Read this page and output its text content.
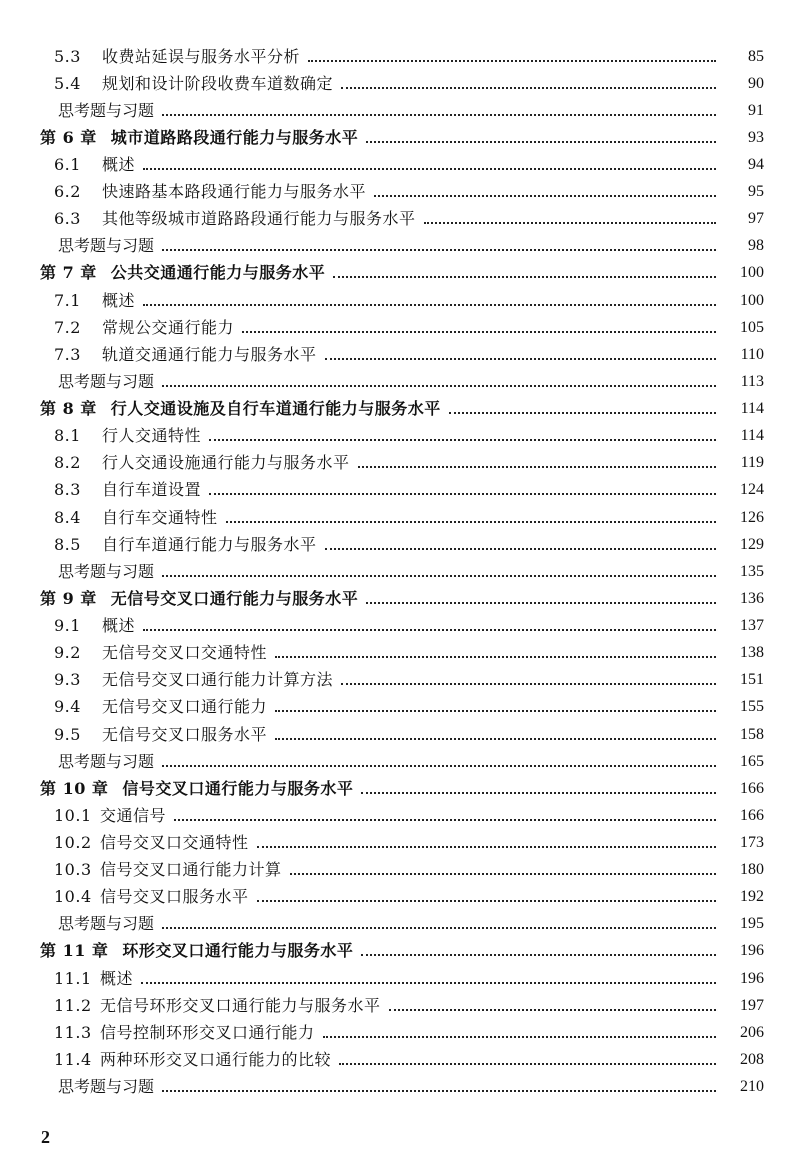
5.3 收费站延误与服务水平分析	85
5.4 规划和设计阶段收费车道数确定	90
思考题与习题	91
第 6 章 城市道路路段通行能力与服务水平	93
6.1 概述	94
6.2 快速路基本路段通行能力与服务水平	95
6.3 其他等级城市道路路段通行能力与服务水平	97
思考题与习题	98
第 7 章 公共交通通行能力与服务水平	100
7.1 概述	100
7.2 常规公交通行能力	105
7.3 轨道交通通行能力与服务水平	110
思考题与习题	113
第 8 章 行人交通设施及自行车道通行能力与服务水平	114
8.1 行人交通特性	114
8.2 行人交通设施通行能力与服务水平	119
8.3 自行车道设置	124
8.4 自行车交通特性	126
8.5 自行车道通行能力与服务水平	129
思考题与习题	135
第 9 章 无信号交叉口通行能力与服务水平	136
9.1 概述	137
9.2 无信号交叉口交通特性	138
9.3 无信号交叉口通行能力计算方法	151
9.4 无信号交叉口通行能力	155
9.5 无信号交叉口服务水平	158
思考题与习题	165
第 10 章 信号交叉口通行能力与服务水平	166
10.1 交通信号	166
10.2 信号交叉口交通特性	173
10.3 信号交叉口通行能力计算	180
10.4 信号交叉口服务水平	192
思考题与习题	195
第 11 章 环形交叉口通行能力与服务水平	196
11.1 概述	196
11.2 无信号环形交叉口通行能力与服务水平	197
11.3 信号控制环形交叉口通行能力	206
11.4 两种环形交叉口通行能力的比较	208
思考题与习题	210
2
